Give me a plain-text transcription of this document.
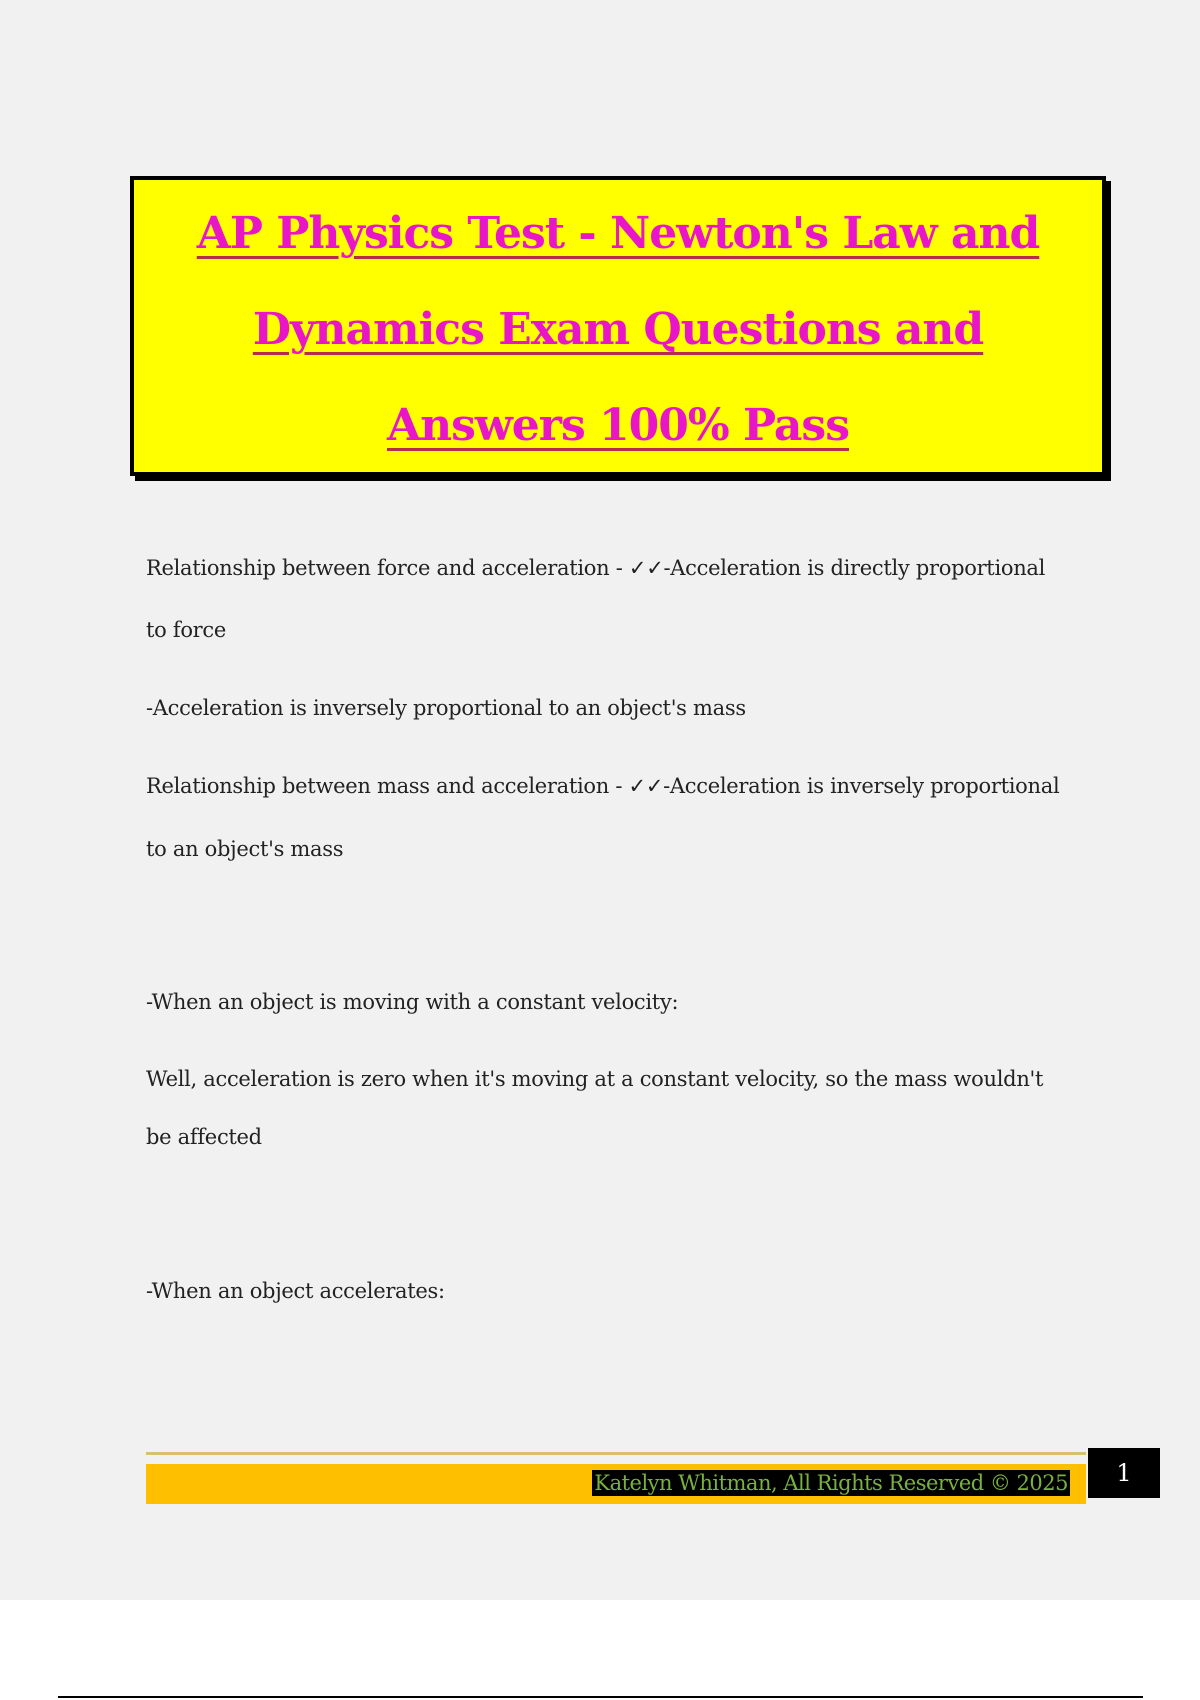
AP Physics Test - Newton's Law and
Dynamics Exam Questions and
Answers 100% Pass
Relationship between force and acceleration - ✓✓-Acceleration is directly proportional
to force
-Acceleration is inversely proportional to an object's mass
Relationship between mass and acceleration - ✓✓-Acceleration is inversely proportional
to an object's mass
-When an object is moving with a constant velocity:
Well, acceleration is zero when it's moving at a constant velocity, so the mass wouldn't
be affected
-When an object accelerates:
Katelyn Whitman, All Rights Reserved © 2025	1
